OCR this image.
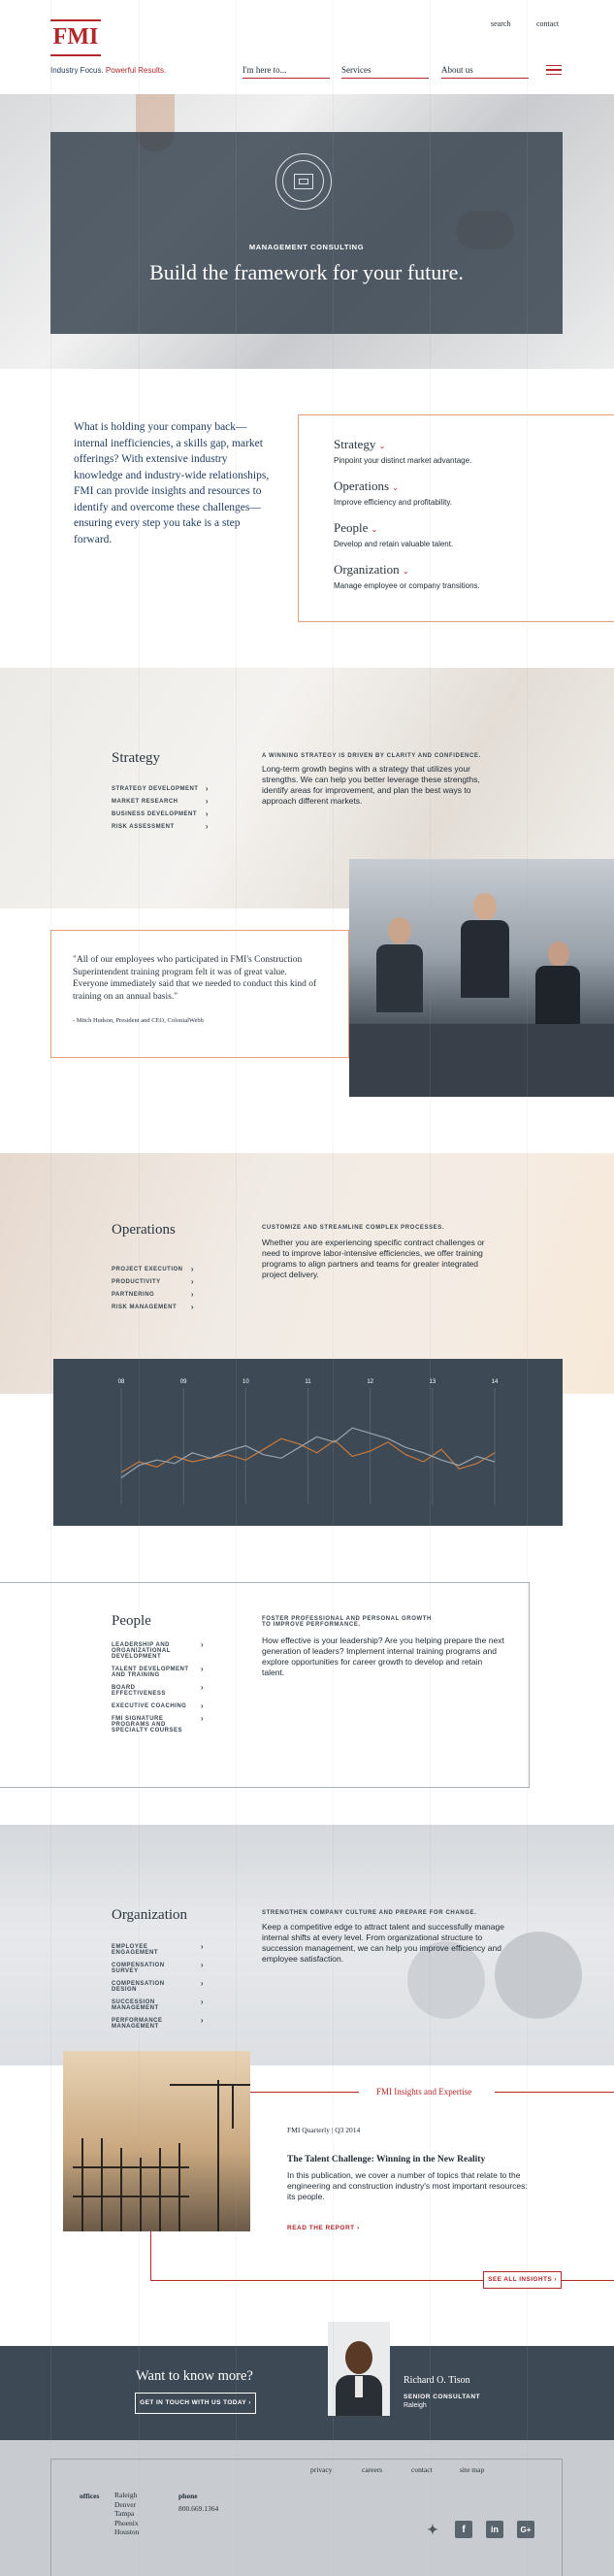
FMI
Industry Focus. Powerful Results.
search	contact
I'm here to...	Services	About us
MANAGEMENT CONSULTING
Build the framework for your future.
What is holding your company back—internal inefficiencies, a skills gap, market offerings? With extensive industry knowledge and industry-wide relationships, FMI can provide insights and resources to identify and overcome these challenges—ensuring every step you take is a step forward.
Strategy ⌄

Pinpoint your distinct market advantage.

Operations ⌄

Improve efficiency and profitability.

People ⌄

Develop and retain valuable talent.

Organization ⌄

Manage employee or company transitions.

Strategy
STRATEGY DEVELOPMENT ›
MARKET RESEARCH	›
BUSINESS DEVELOPMENT ›
RISK ASSESSMENT	›
A WINNING STRATEGY IS DRIVEN BY CLARITY AND CONFIDENCE.
Long-term growth begins with a strategy that utilizes your strengths. We can help you better leverage these strengths, identify areas for improvement, and plan the best ways to approach different markets.
"All of our employees who participated in FMI's Construction Superintendent training program felt it was of great value. Everyone immediately said that we needed to conduct this kind of training on an annual basis."
- Mitch Hudson, President and CEO, ColonialWebb
Operations
PROJECT EXECUTION ›
PRODUCTIVITY	›
PARTNERING	›
RISK MANAGEMENT ›
CUSTOMIZE AND STREAMLINE COMPLEX PROCESSES.
Whether you are experiencing specific contract challenges or need to improve labor-intensive efficiencies, we offer training programs to align partners and teams for greater integrated project delivery.
08	09	10	11	12	13	14
People
LEADERSHIP AND ORGANIZATIONAL DEVELOPMENT
›
TALENT DEVELOPMENT AND TRAINING
›
BOARD EFFECTIVENESS
›
EXECUTIVE COACHING	›
FMI SIGNATURE PROGRAMS AND SPECIALTY COURSES
›
FOSTER PROFESSIONAL AND PERSONAL GROWTH TO IMPROVE PERFORMANCE.
How effective is your leadership? Are you helping prepare the next generation of leaders? Implement internal training programs and explore opportunities for career growth to develop and retain talent.
Organization
EMPLOYEE ENGAGEMENT
›
COMPENSATION SURVEY
›
COMPENSATION DESIGN
›
SUCCESSION MANAGEMENT
›
PERFORMANCE MANAGEMENT
›
STRENGTHEN COMPANY CULTURE AND PREPARE FOR CHANGE.
Keep a competitive edge to attract talent and successfully manage internal shifts at every level. From organizational structure to succession management, we can help you improve efficiency and employee satisfaction.
FMI Insights and Expertise
FMI Quarterly | Q3 2014
The Talent Challenge: Winning in the New Reality
In this publication, we cover a number of topics that relate to the engineering and construction industry's most important resources: its people.
READ THE REPORT ›
SEE ALL INSIGHTS ›
Want to know more?
GET IN TOUCH WITH US TODAY ›
Richard O. Tison
SENIOR CONSULTANT
Raleigh
privacy	careers	contact	site map
offices Raleigh
Denver
Tampa
Phoenix
Houston
phone
800.669.1364
✦	f	in	G+
